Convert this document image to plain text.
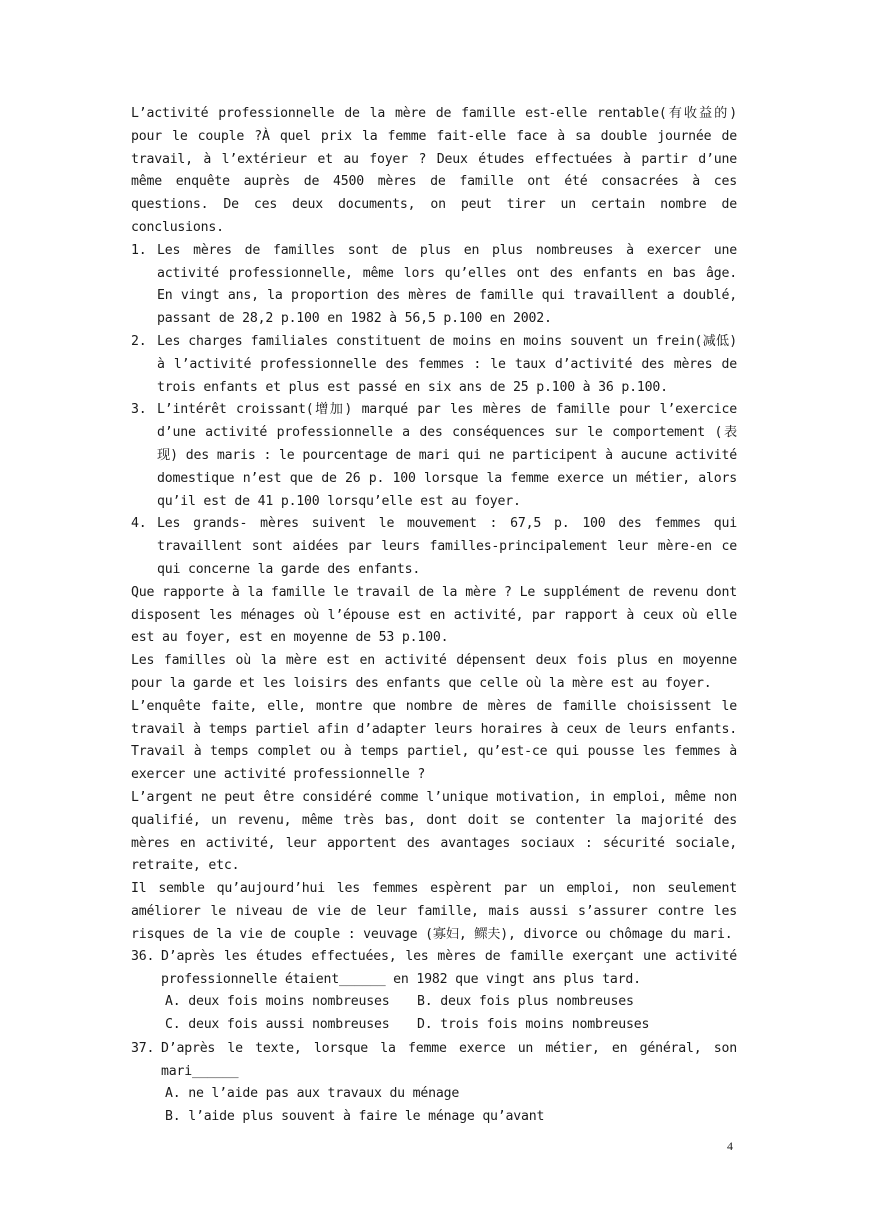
L’activité professionnelle de la mère de famille est-elle rentable(有收益的) pour le couple ?À quel prix la femme fait-elle face à sa double journée de travail, à l’extérieur et au foyer ? Deux études effectuées à partir d’une même enquête auprès de 4500 mères de famille ont été consacrées à ces questions. De ces deux documents, on peut tirer un certain nombre de conclusions.

1. Les mères de familles sont de plus en plus nombreuses à exercer une activité professionnelle, même lors qu’elles ont des enfants en bas âge. En vingt ans, la proportion des mères de famille qui travaillent a doublé, passant de 28,2 p.100 en 1982 à 56,5 p.100 en 2002.
2. Les charges familiales constituent de moins en moins souvent un frein(减低) à l’activité professionnelle des femmes : le taux d’activité des mères de trois enfants et plus est passé en six ans de 25 p.100 à 36 p.100.
3. L’intérêt croissant(增加) marqué par les mères de famille pour l’exercice d’une activité professionnelle a des conséquences sur le comportement (表现) des maris : le pourcentage de mari qui ne participent à aucune activité domestique n’est que de 26 p. 100 lorsque la femme exerce un métier, alors qu’il est de 41 p.100 lorsqu’elle est au foyer.
4. Les grands- mères suivent le mouvement : 67,5 p. 100 des femmes qui travaillent sont aidées par leurs familles-principalement leur mère-en ce qui concerne la garde des enfants.

Que rapporte à la famille le travail de la mère ? Le supplément de revenu dont disposent les ménages où l’épouse est en activité, par rapport à ceux où elle est au foyer, est en moyenne de 53 p.100.

Les familles où la mère est en activité dépensent deux fois plus en moyenne pour la garde et les loisirs des enfants que celle où la mère est au foyer.

L’enquête faite, elle, montre que nombre de mères de famille choisissent le travail à temps partiel afin d’adapter leurs horaires à ceux de leurs enfants. Travail à temps complet ou à temps partiel, qu’est-ce qui pousse les femmes à exercer une activité professionnelle ?

L’argent ne peut être considéré comme l’unique motivation, in emploi, même non qualifié, un revenu, même très bas, dont doit se contenter la majorité des mères en activité, leur apportent des avantages sociaux : sécurité sociale, retraite, etc.

Il semble qu’aujourd’hui les femmes espèrent par un emploi, non seulement améliorer le niveau de vie de leur famille, mais aussi s’assurer contre les risques de la vie de couple : veuvage (寡妇, 鳏夫), divorce ou chômage du mari.

36. D’après les études effectuées, les mères de famille exerçant une activité professionnelle étaient______ en 1982 que vingt ans plus tard.
A. deux fois moins nombreuses	B. deux fois plus nombreuses
C. deux fois aussi nombreuses	D. trois fois moins nombreuses
37. D’après le texte, lorsque la femme exerce un métier, en général, son mari______
A. ne l’aide pas aux travaux du ménage
B. l’aide plus souvent à faire le ménage qu’avant
4
